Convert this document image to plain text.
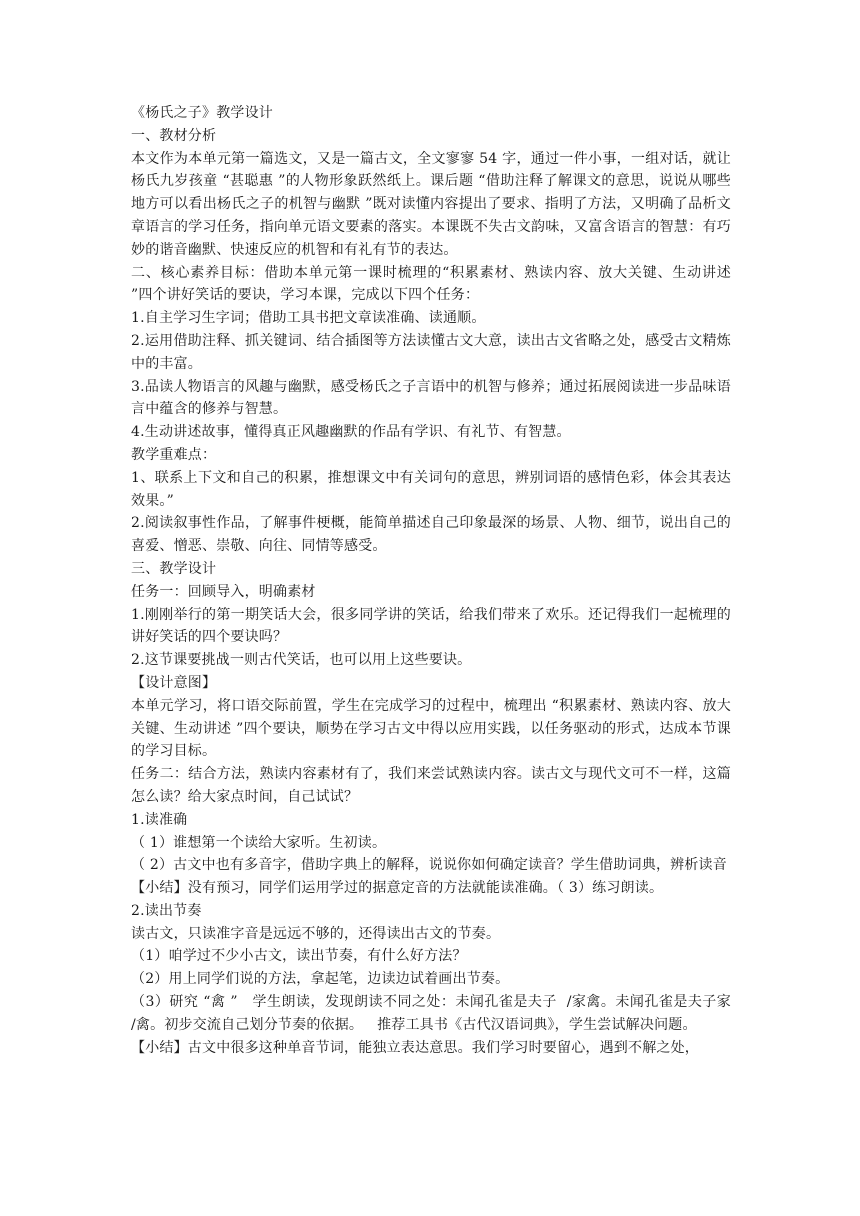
《杨氏之子》教学设计

一、教材分析

本文作为本单元第一篇选文，又是一篇古文，全文寥寥 54 字，通过一件小事，一组对话，就让杨氏九岁孩童 “甚聪惠 ”的人物形象跃然纸上。课后题 “借助注释了解课文的意思，说说从哪些地方可以看出杨氏之子的机智与幽默 ”既对读懂内容提出了要求、指明了方法，又明确了品析文章语言的学习任务，指向单元语文要素的落实。本课既不失古文韵味，又富含语言的智慧：有巧妙的谐音幽默、快速反应的机智和有礼有节的表达。

二、核心素养目标：借助本单元第一课时梳理的“积累素材、熟读内容、放大关键、生动讲述 ”四个讲好笑话的要诀，学习本课，完成以下四个任务：

1.自主学习生字词；借助工具书把文章读准确、读通顺。

2.运用借助注释、抓关键词、结合插图等方法读懂古文大意，读出古文省略之处，感受古文精炼中的丰富。

3.品读人物语言的风趣与幽默，感受杨氏之子言语中的机智与修养；通过拓展阅读进一步品味语言中蕴含的修养与智慧。

4.生动讲述故事，懂得真正风趣幽默的作品有学识、有礼节、有智慧。

教学重难点：

1、联系上下文和自己的积累，推想课文中有关词句的意思，辨别词语的感情色彩，体会其表达效果。”

2.阅读叙事性作品，了解事件梗概，能简单描述自己印象最深的场景、人物、细节，说出自己的喜爱、憎恶、崇敬、向往、同情等感受。

三、教学设计

任务一：回顾导入，明确素材

1.刚刚举行的第一期笑话大会，很多同学讲的笑话，给我们带来了欢乐。还记得我们一起梳理的讲好笑话的四个要诀吗？

2.这节课要挑战一则古代笑话，也可以用上这些要诀。

【设计意图】

本单元学习，将口语交际前置，学生在完成学习的过程中，梳理出 “积累素材、熟读内容、放大关键、生动讲述 ”四个要诀，顺势在学习古文中得以应用实践，以任务驱动的形式，达成本节课的学习目标。

任务二：结合方法，熟读内容素材有了，我们来尝试熟读内容。读古文与现代文可不一样，这篇怎么读？给大家点时间，自己试试？

1.读准确

（ 1）谁想第一个读给大家听。生初读。

（ 2）古文中也有多音字，借助字典上的解释，说说你如何确定读音？学生借助词典，辨析读音

【小结】没有预习，同学们运用学过的据意定音的方法就能读准确。（ 3）练习朗读。

2.读出节奏

读古文，只读准字音是远远不够的，还得读出古文的节奏。

（1）咱学过不少小古文，读出节奏，有什么好方法？

（2）用上同学们说的方法，拿起笔，边读边试着画出节奏。

（3）研究 “禽 ”   学生朗读，发现朗读不同之处：未闻孔雀是夫子  /家禽。未闻孔雀是夫子家  /禽。初步交流自己划分节奏的依据。   推荐工具书《古代汉语词典》，学生尝试解决问题。

【小结】古文中很多这种单音节词，能独立表达意思。我们学习时要留心，遇到不解之处，
